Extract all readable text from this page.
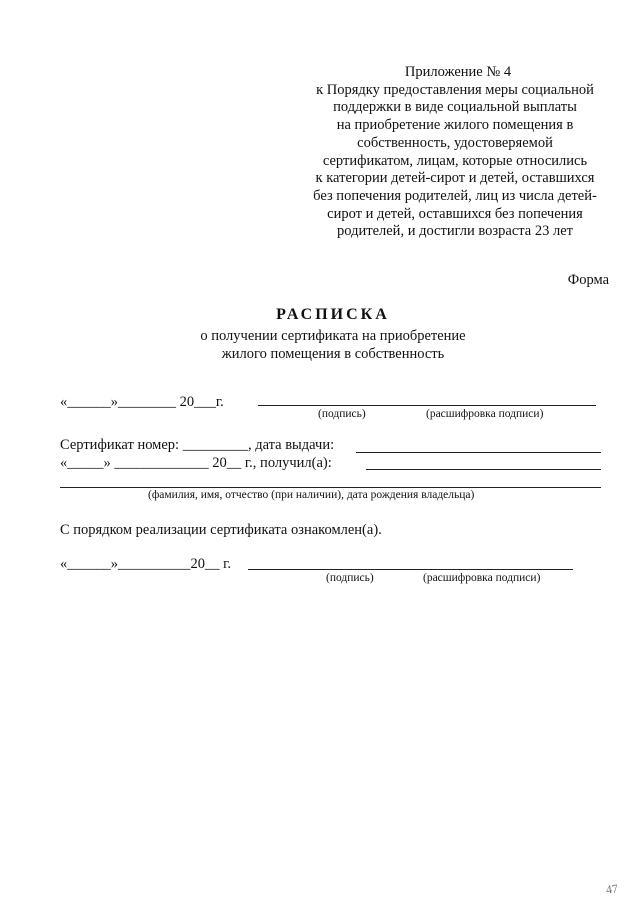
Приложение № 4
к Порядку предоставления меры социальной
поддержки в виде социальной выплаты
на приобретение жилого помещения в
собственность, удостоверяемой
сертификатом, лицам, которые относились
к категории детей-сирот и детей, оставшихся
без попечения родителей, лиц из числа детей-
сирот и детей, оставшихся без попечения
родителей, и достигли возраста 23 лет
Форма
РАСПИСКА
о получении сертификата на приобретение
жилого помещения в собственность
«______»________ 20___г.
(подпись)	(расшифровка подписи)
Сертификат номер: _________, дата выдачи:
«_____» _____________ 20__ г., получил(а):
(фамилия, имя, отчество (при наличии), дата рождения владельца)
С порядком реализации сертификата ознакомлен(а).
«______»__________20__ г.
(подпись)	(расшифровка подписи)
47
